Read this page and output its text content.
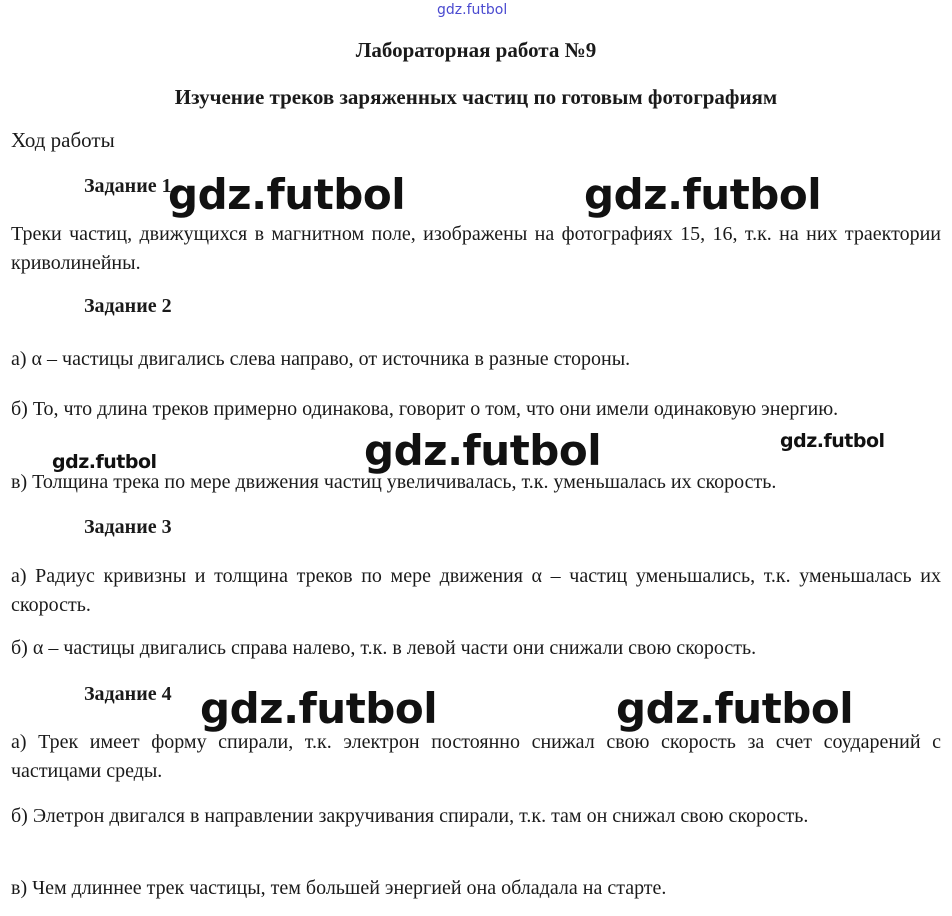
gdz.futbol
Лабораторная работа №9
Изучение треков заряженных частиц по готовым фотографиям
Ход работы
Задание 1
Треки частиц, движущихся в магнитном поле, изображены на фотографиях 15, 16, т.к. на них траектории криволинейны.
Задание 2
а) α – частицы двигались слева направо, от источника в разные стороны.
б) То, что длина треков примерно одинакова, говорит о том, что они имели одинаковую энергию.
в) Толщина трека по мере движения частиц увеличивалась, т.к. уменьшалась их скорость.
Задание 3
а) Радиус кривизны и толщина треков по мере движения α – частиц уменьшались, т.к. уменьшалась их скорость.
б) α – частицы двигались справа налево, т.к. в левой части они снижали свою скорость.
Задание 4
а) Трек имеет форму спирали, т.к. электрон постоянно снижал свою скорость за счет соударений с частицами среды.
б) Элетрон двигался в направлении закручивания спирали, т.к. там он снижал свою скорость.
в) Чем длиннее трек частицы, тем большей энергией она обладала на старте.
gdz.futbol	gdz.futbol
gdz.futbol	gdz.futbol
gdz.futbol
gdz.futbol	gdz.futbol
